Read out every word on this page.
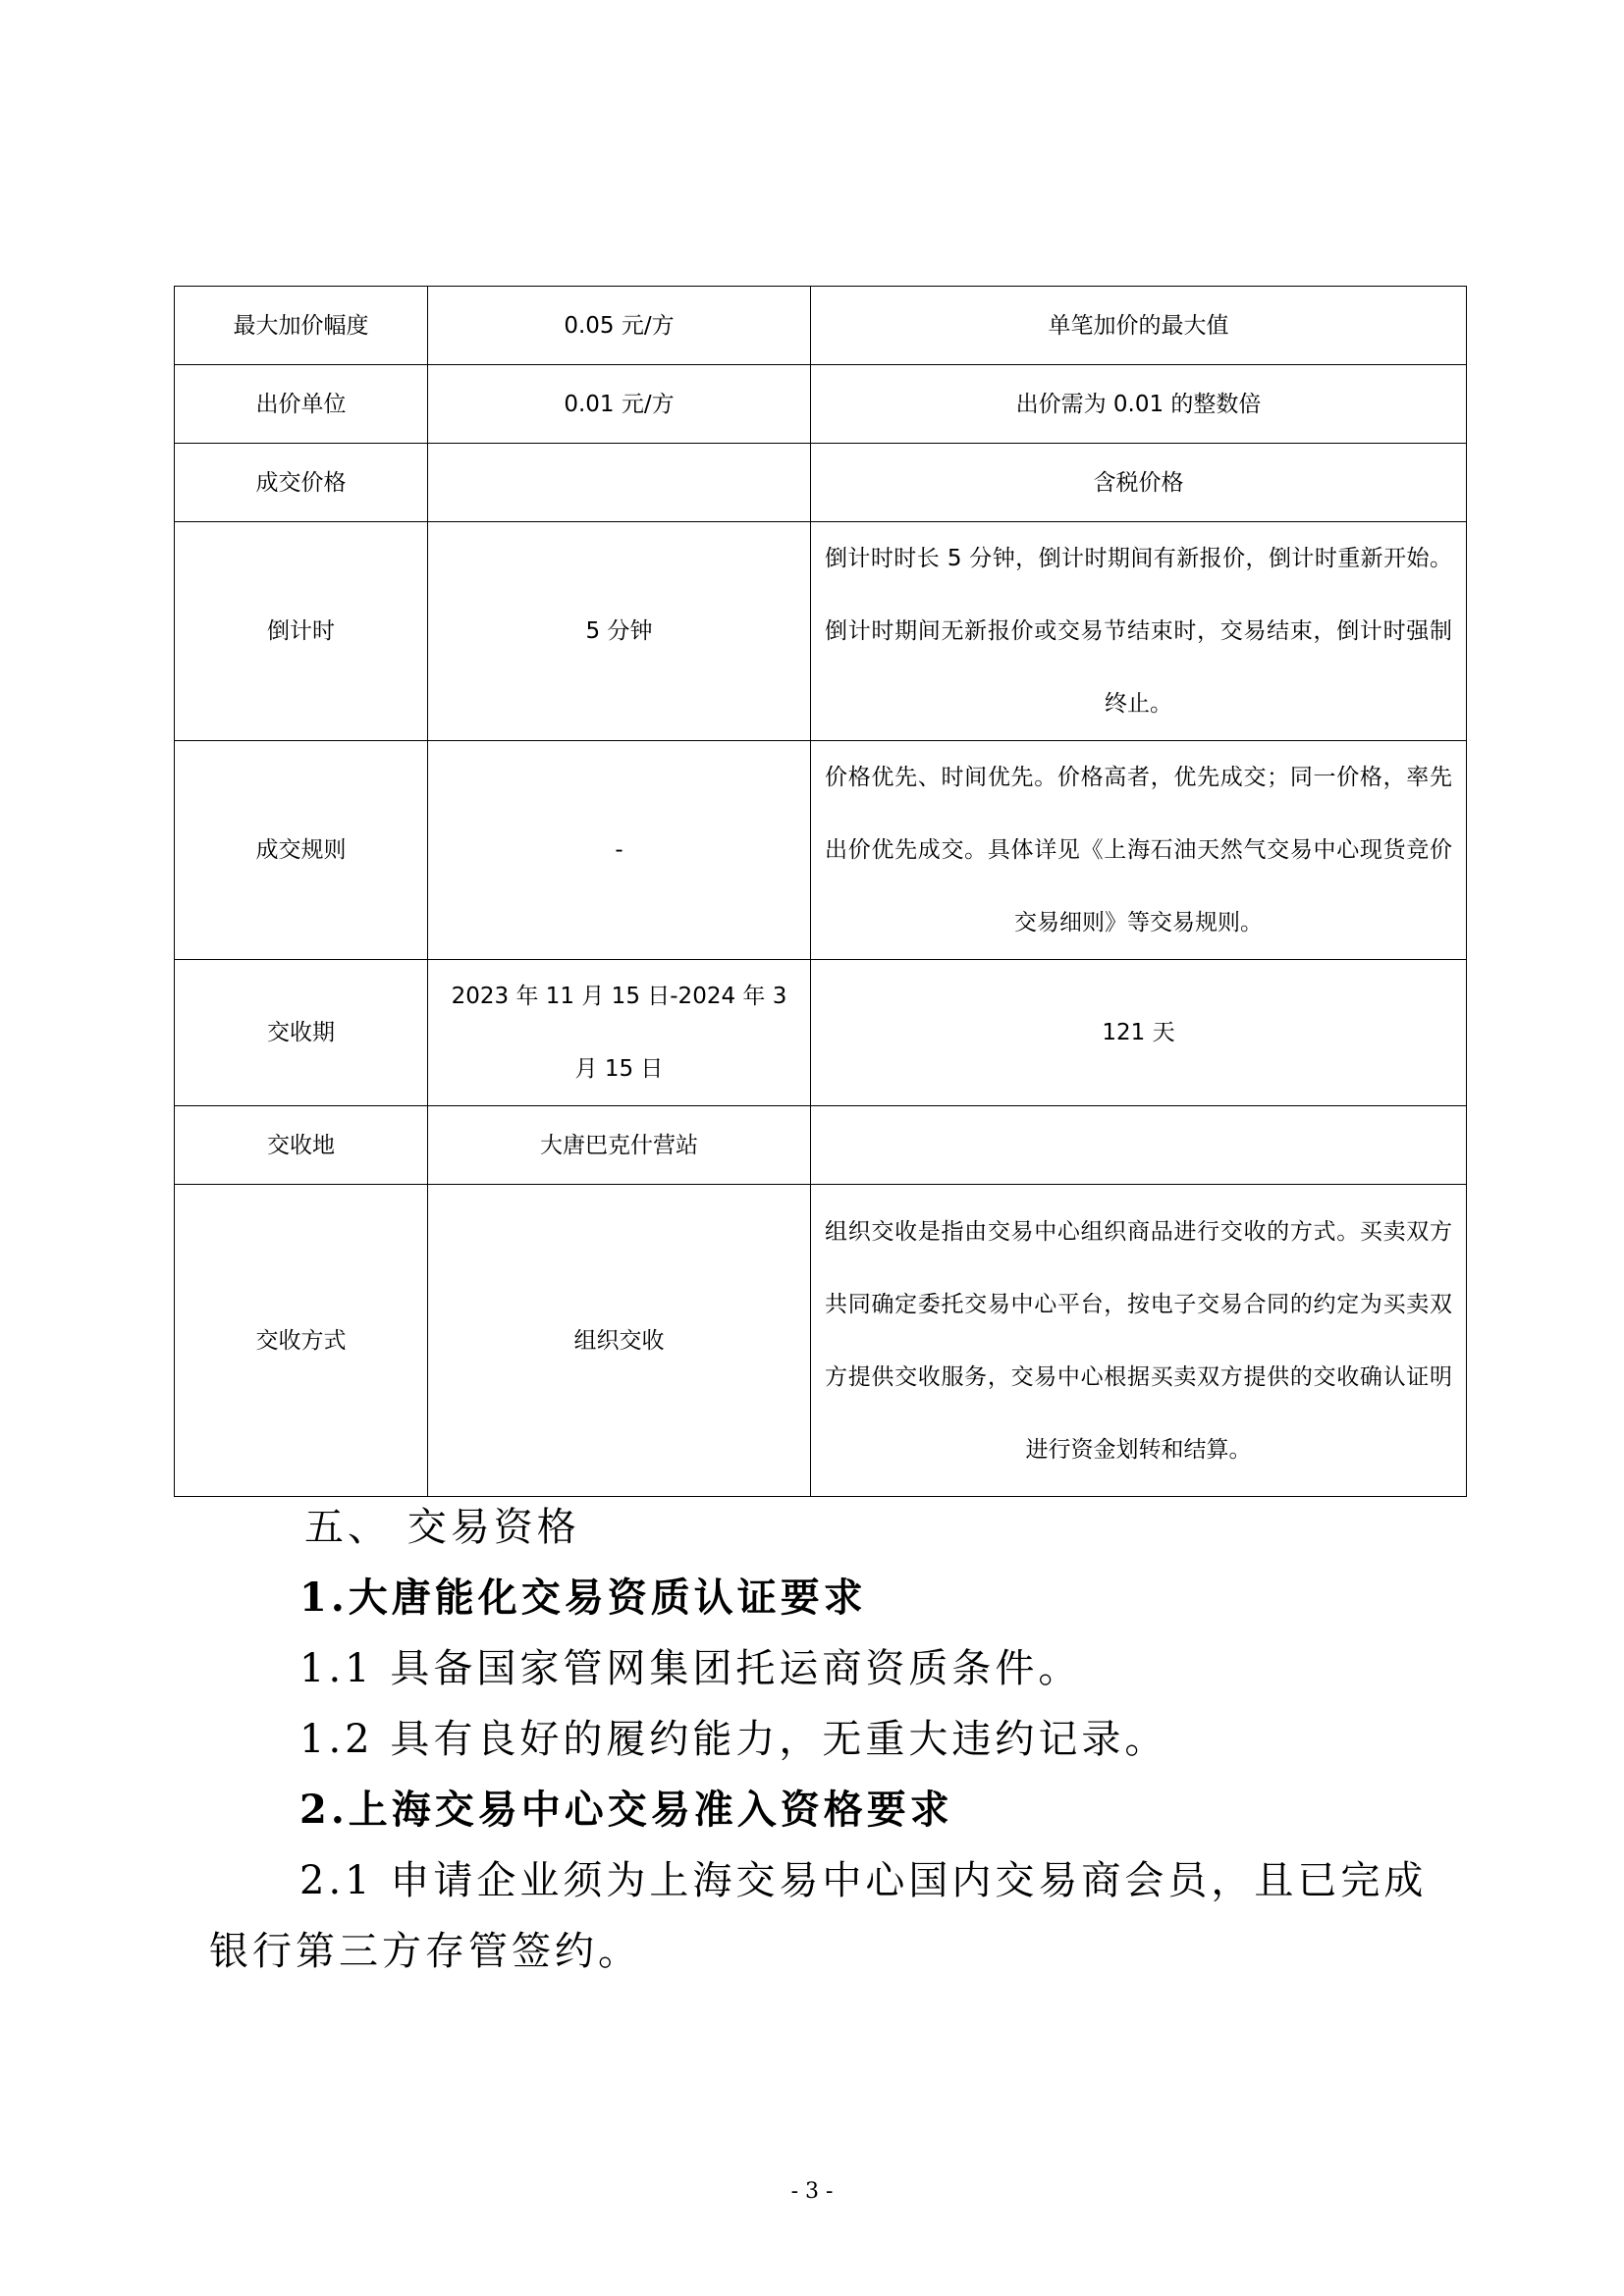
最大加价幅度	0.05 元/方	单笔加价的最大值
出价单位	0.01 元/方	出价需为 0.01 的整数倍
成交价格		含税价格
倒计时	5 分钟	倒计时时长 5 分钟，倒计时期间有新报价，倒计时重新开始。倒计时期间无新报价或交易节结束时，交易结束，倒计时强制终止。
成交规则	-	价格优先、时间优先。价格高者，优先成交；同一价格，率先出价优先成交。具体详见《上海石油天然气交易中心现货竞价交易细则》等交易规则。
交收期	2023 年 11 月 15 日-2024 年 3 月 15 日	121 天
交收地	大唐巴克什营站	
交收方式	组织交收	组织交收是指由交易中心组织商品进行交收的方式。买卖双方共同确定委托交易中心平台，按电子交易合同的约定为买卖双方提供交收服务，交易中心根据买卖双方提供的交收确认证明进行资金划转和结算。
五、 交易资格
1.大唐能化交易资质认证要求
1.1 具备国家管网集团托运商资质条件。
1.2 具有良好的履约能力，无重大违约记录。
2.上海交易中心交易准入资格要求
2.1 申请企业须为上海交易中心国内交易商会员，且已完成
银行第三方存管签约。
- 3 -
